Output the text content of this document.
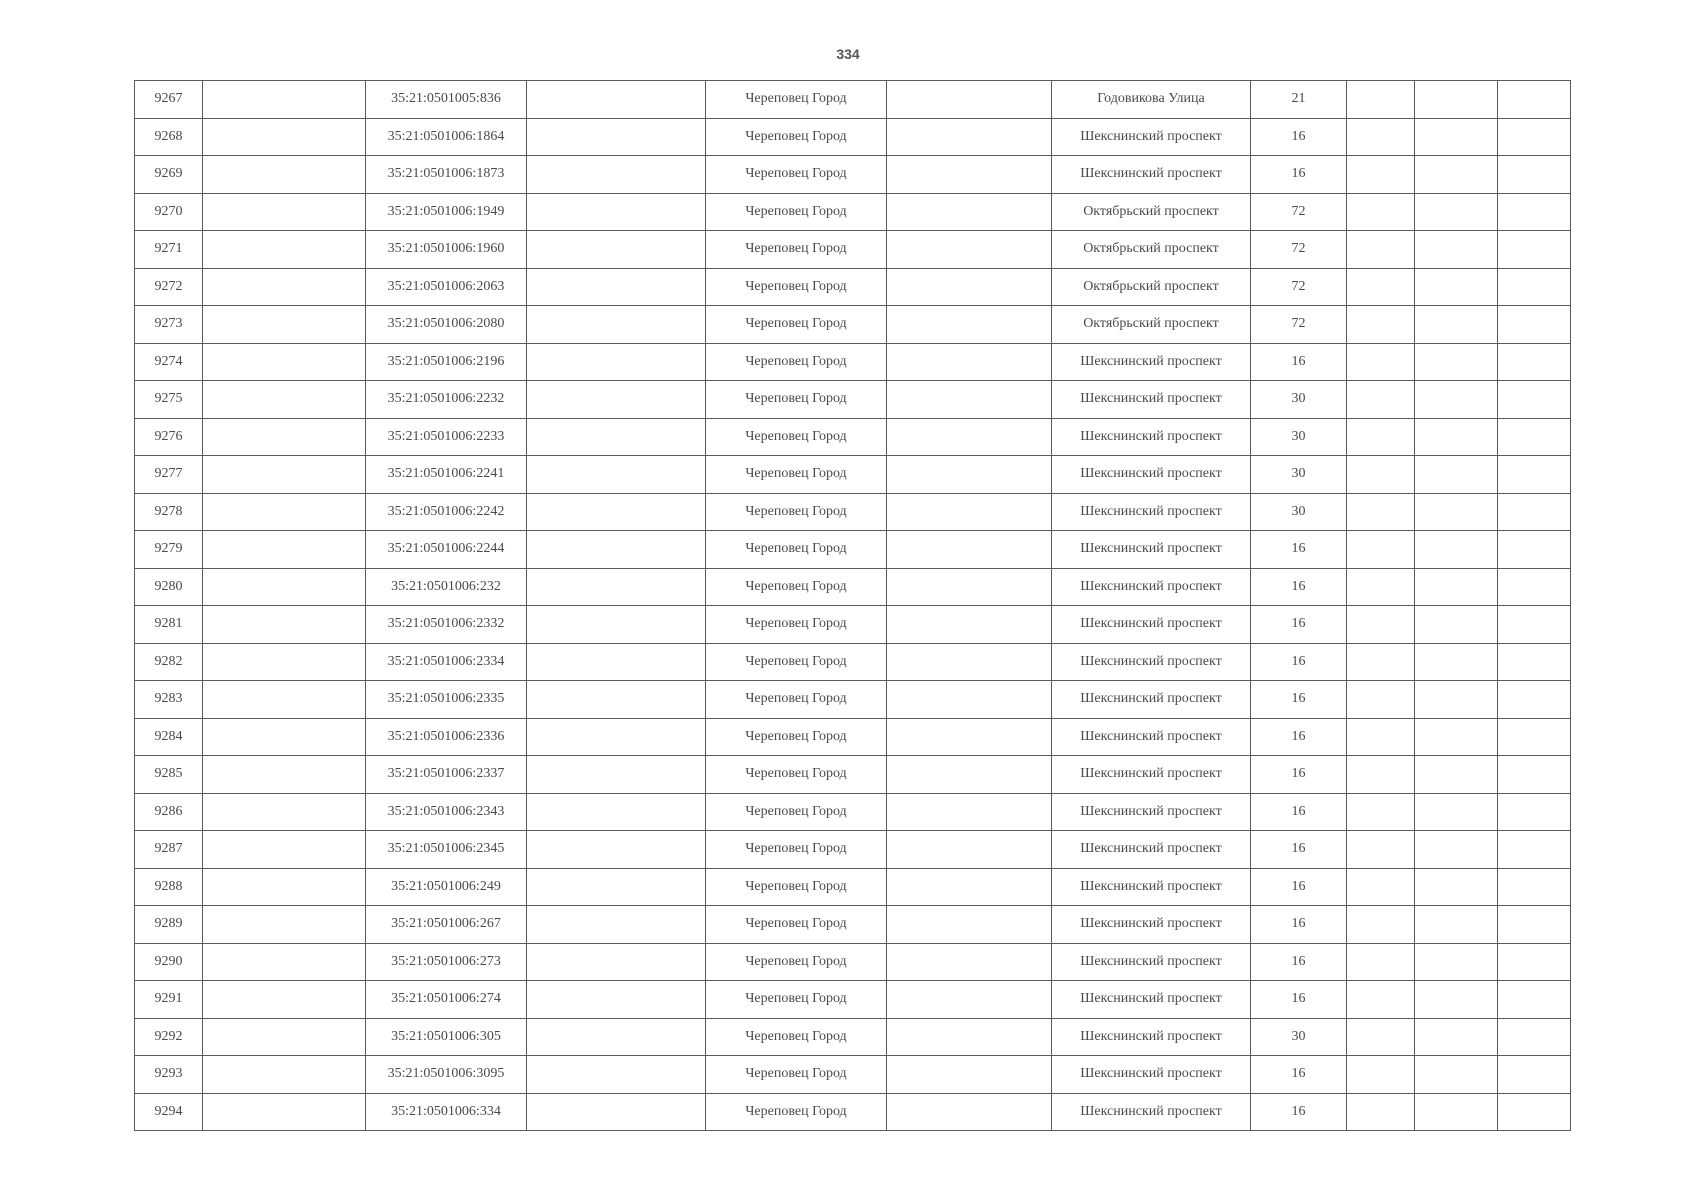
334
9267		35:21:0501005:836		Череповец Город		Годовикова Улица	21			
9268		35:21:0501006:1864		Череповец Город		Шекснинский проспект	16			
9269		35:21:0501006:1873		Череповец Город		Шекснинский проспект	16			
9270		35:21:0501006:1949		Череповец Город		Октябрьский проспект	72			
9271		35:21:0501006:1960		Череповец Город		Октябрьский проспект	72			
9272		35:21:0501006:2063		Череповец Город		Октябрьский проспект	72			
9273		35:21:0501006:2080		Череповец Город		Октябрьский проспект	72			
9274		35:21:0501006:2196		Череповец Город		Шекснинский проспект	16			
9275		35:21:0501006:2232		Череповец Город		Шекснинский проспект	30			
9276		35:21:0501006:2233		Череповец Город		Шекснинский проспект	30			
9277		35:21:0501006:2241		Череповец Город		Шекснинский проспект	30			
9278		35:21:0501006:2242		Череповец Город		Шекснинский проспект	30			
9279		35:21:0501006:2244		Череповец Город		Шекснинский проспект	16			
9280		35:21:0501006:232		Череповец Город		Шекснинский проспект	16			
9281		35:21:0501006:2332		Череповец Город		Шекснинский проспект	16			
9282		35:21:0501006:2334		Череповец Город		Шекснинский проспект	16			
9283		35:21:0501006:2335		Череповец Город		Шекснинский проспект	16			
9284		35:21:0501006:2336		Череповец Город		Шекснинский проспект	16			
9285		35:21:0501006:2337		Череповец Город		Шекснинский проспект	16			
9286		35:21:0501006:2343		Череповец Город		Шекснинский проспект	16			
9287		35:21:0501006:2345		Череповец Город		Шекснинский проспект	16			
9288		35:21:0501006:249		Череповец Город		Шекснинский проспект	16			
9289		35:21:0501006:267		Череповец Город		Шекснинский проспект	16			
9290		35:21:0501006:273		Череповец Город		Шекснинский проспект	16			
9291		35:21:0501006:274		Череповец Город		Шекснинский проспект	16			
9292		35:21:0501006:305		Череповец Город		Шекснинский проспект	30			
9293		35:21:0501006:3095		Череповец Город		Шекснинский проспект	16			
9294		35:21:0501006:334		Череповец Город		Шекснинский проспект	16			
